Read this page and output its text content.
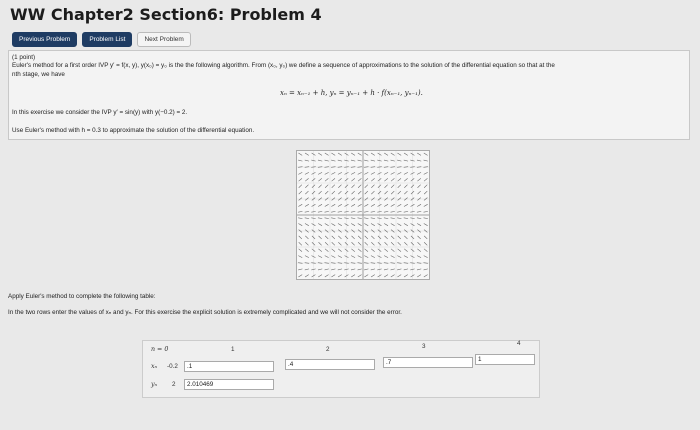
WW Chapter2 Section6: Problem 4
Previous Problem	Problem List	Next Problem
(1 point)
Euler's method for a first order IVP y′ = f(x, y), y(x₀) = y₀ is the the following algorithm. From (x₀, y₀) we define a sequence of approximations to the solution of the differential equation so that at the
nth stage, we have
xₙ = xₙ₋₁ + h, yₙ = yₙ₋₁ + h · f(xₙ₋₁, yₙ₋₁).
In this exercise we consider the IVP y′ = sin(y) with y(−0.2) = 2.
Use Euler's method with h = 0.3 to approximate the solution of the differential equation.
Apply Euler's method to complete the following table:
In the two rows enter the values of xₙ and yₙ. For this exercise the explicit solution is extremely complicated and we will not consider the error.
n = 0	1	2	3	4
xₙ -0.2	.1	.4	.7	1
yₙ 2	2.010469
